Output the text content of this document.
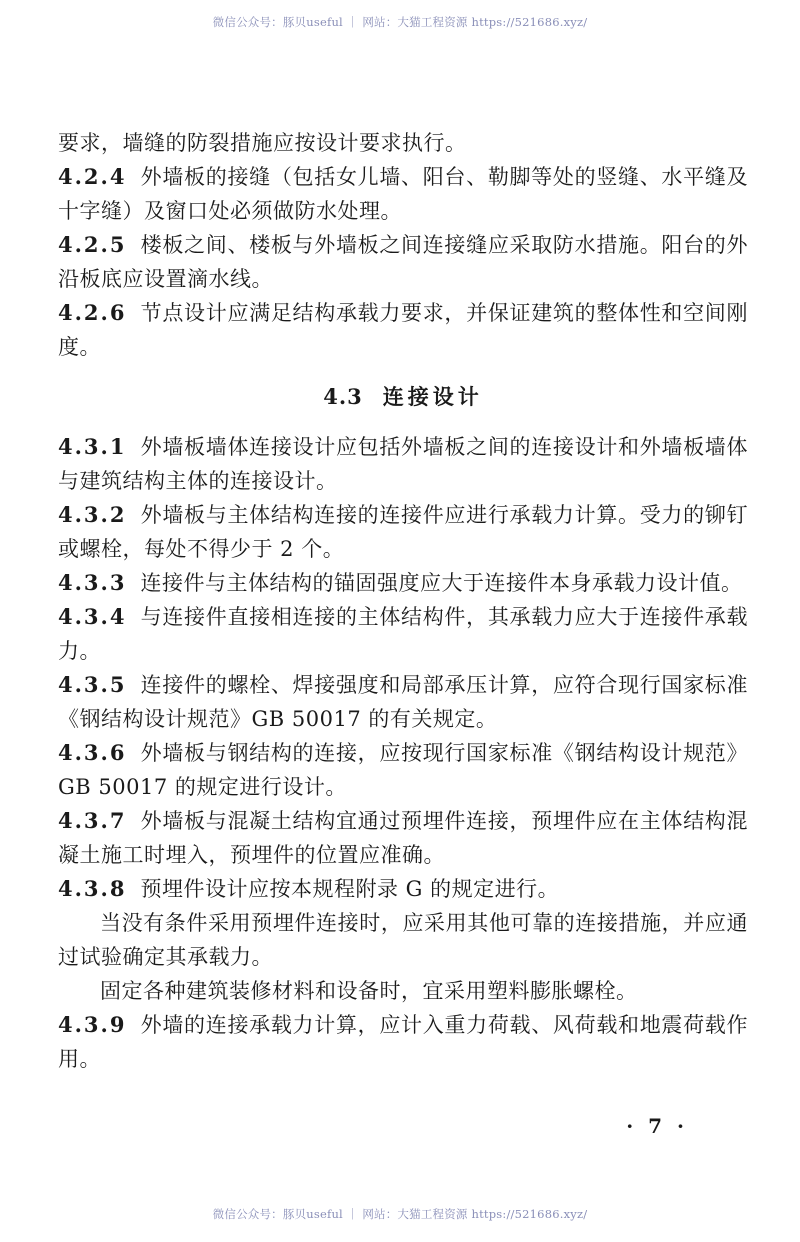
微信公众号：豚贝useful ｜ 网站：大猫工程资源 https://521686.xyz/

要求，墙缝的防裂措施应按设计要求执行。

4.2.4 外墙板的接缝（包括女儿墙、阳台、勒脚等处的竖缝、水平缝及十字缝）及窗口处必须做防水处理。

4.2.5 楼板之间、楼板与外墙板之间连接缝应采取防水措施。阳台的外沿板底应设置滴水线。

4.2.6 节点设计应满足结构承载力要求，并保证建筑的整体性和空间刚度。

4.3 连接设计

4.3.1 外墙板墙体连接设计应包括外墙板之间的连接设计和外墙板墙体与建筑结构主体的连接设计。

4.3.2 外墙板与主体结构连接的连接件应进行承载力计算。受力的铆钉或螺栓，每处不得少于 2 个。

4.3.3 连接件与主体结构的锚固强度应大于连接件本身承载力设计值。

4.3.4 与连接件直接相连接的主体结构件，其承载力应大于连接件承载力。

4.3.5 连接件的螺栓、焊接强度和局部承压计算，应符合现行国家标准《钢结构设计规范》GB 50017 的有关规定。

4.3.6 外墙板与钢结构的连接，应按现行国家标准《钢结构设计规范》GB 50017 的规定进行设计。

4.3.7 外墙板与混凝土结构宜通过预埋件连接，预埋件应在主体结构混凝土施工时埋入，预埋件的位置应准确。

4.3.8 预埋件设计应按本规程附录 G 的规定进行。

当没有条件采用预埋件连接时，应采用其他可靠的连接措施，并应通过试验确定其承载力。

固定各种建筑装修材料和设备时，宜采用塑料膨胀螺栓。

4.3.9 外墙的连接承载力计算，应计入重力荷载、风荷载和地震荷载作用。

· 7 ·
微信公众号：豚贝useful ｜ 网站：大猫工程资源 https://521686.xyz/
